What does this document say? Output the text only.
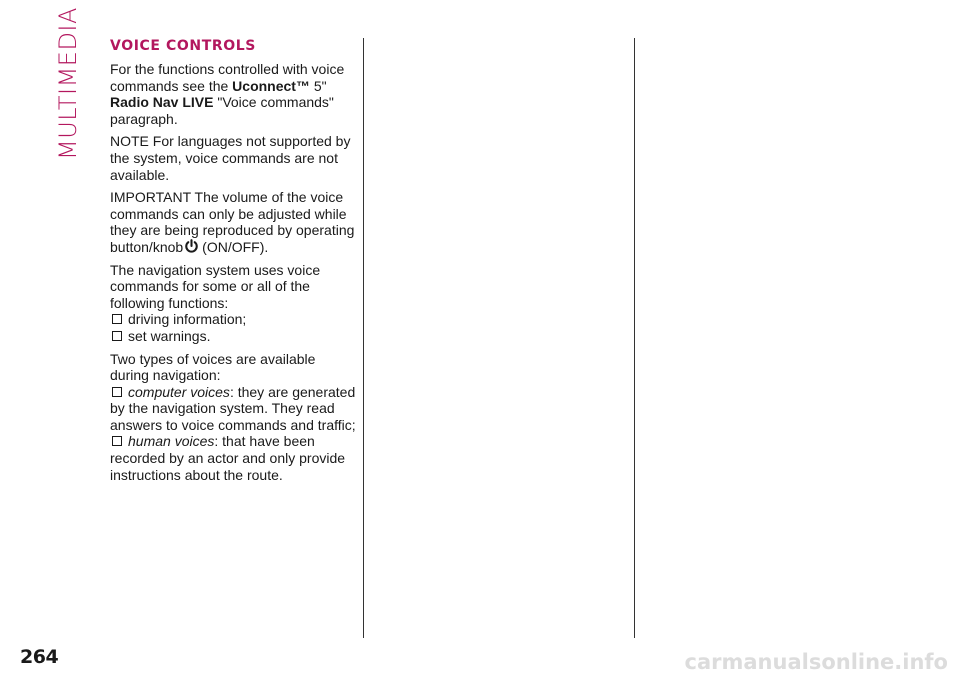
MULTIMEDIA VOICE CONTROLS

For the functions controlled with voice commands see the Uconnect™ 5" Radio Nav LIVE "Voice commands" paragraph.

NOTE For languages not supported by the system, voice commands are not available.

IMPORTANT The volume of the voice commands can only be adjusted while they are being reproduced by operating button/knob (ON/OFF).

The navigation system uses voice commands for some or all of the following functions:
driving information;
set warnings.
Two types of voices are available during navigation:
computer voices: they are generated by the navigation system. They read answers to voice commands and traffic;
human voices: that have been recorded by an actor and only provide instructions about the route.
264	carmanualsonline.info
